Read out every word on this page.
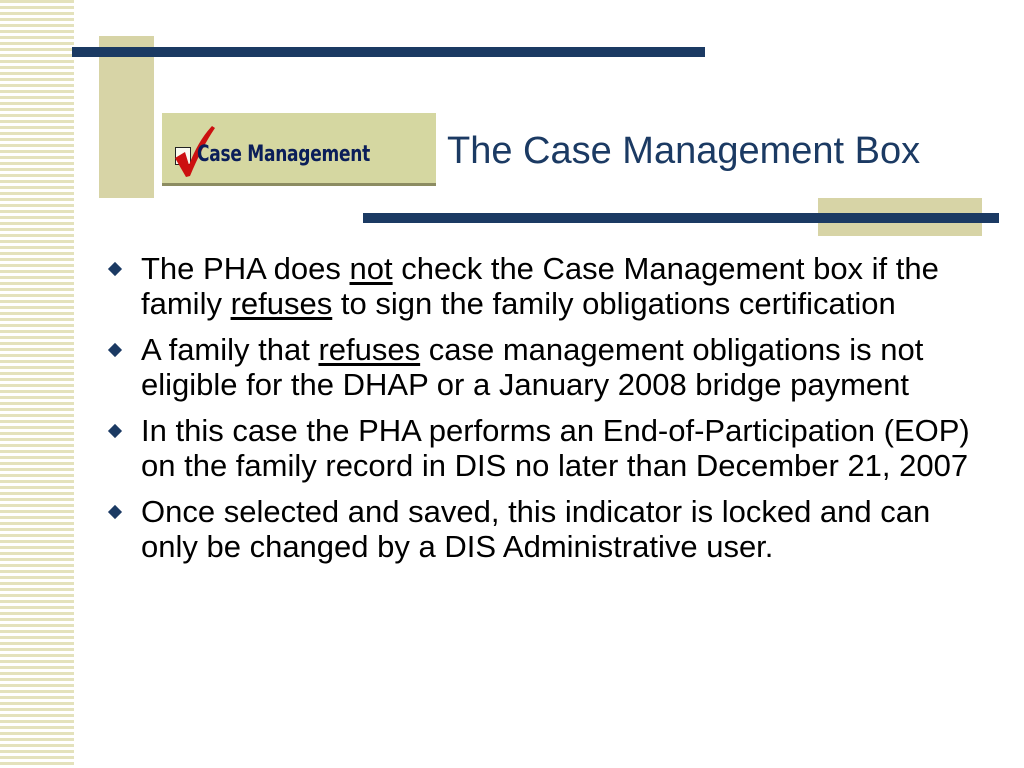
Case Management The Case Management Box
The PHA does not check the Case Management box if the family refuses to sign the family obligations certification
A family that refuses case management obligations is not eligible for the DHAP or a January 2008 bridge payment
In this case the PHA performs an End-of-Participation (EOP) on the family record in DIS no later than December 21, 2007
Once selected and saved, this indicator is locked and can only be changed by a DIS Administrative user.
